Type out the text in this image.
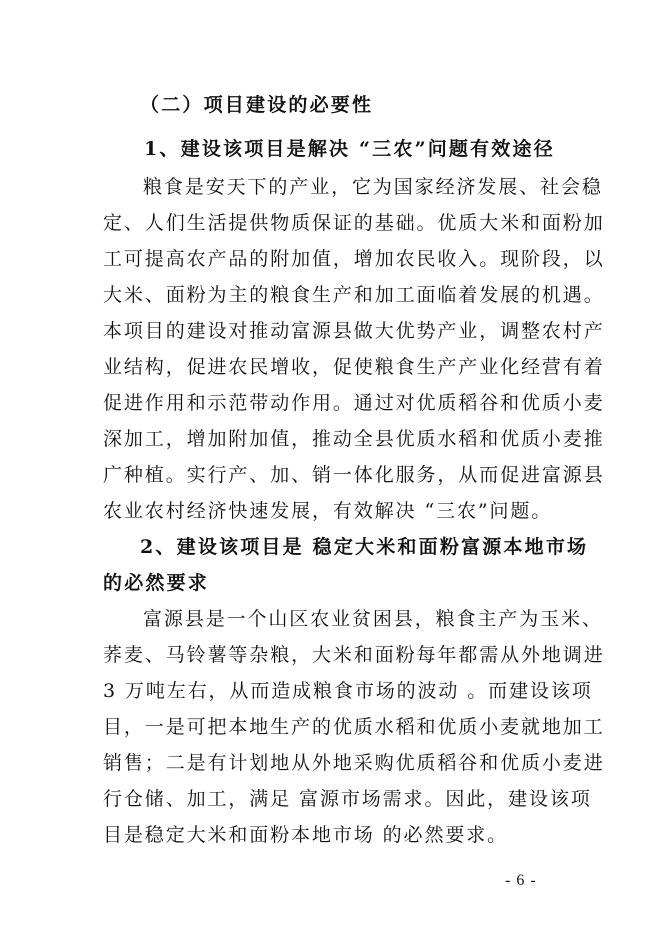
（二）项目建设的必要性
1、建设该项目是解决 “三农”问题有效途径
粮食是安天下的产业，它为国家经济发展、社会稳
定、人们生活提供物质保证的基础。优质大米和面粉加
工可提高农产品的附加值，增加农民收入。现阶段，以
大米、面粉为主的粮食生产和加工面临着发展的机遇。
本项目的建设对推动富源县做大优势产业，调整农村产
业结构，促进农民增收，促使粮食生产产业化经营有着
促进作用和示范带动作用。通过对优质稻谷和优质小麦
深加工，增加附加值，推动全县优质水稻和优质小麦推
广种植。实行产、加、销一体化服务，从而促进富源县
农业农村经济快速发展，有效解决 “三农”问题。
2、建设该项目是 稳定大米和面粉富源本地市场
的必然要求
富源县是一个山区农业贫困县，粮食主产为玉米、
荞麦、马铃薯等杂粮，大米和面粉每年都需从外地调进
3 万吨左右，从而造成粮食市场的波动 。而建设该项
目，一是可把本地生产的优质水稻和优质小麦就地加工
销售；二是有计划地从外地采购优质稻谷和优质小麦进
行仓储、加工，满足 富源市场需求。因此，建设该项
目是稳定大米和面粉本地市场 的必然要求。
- 6 -
